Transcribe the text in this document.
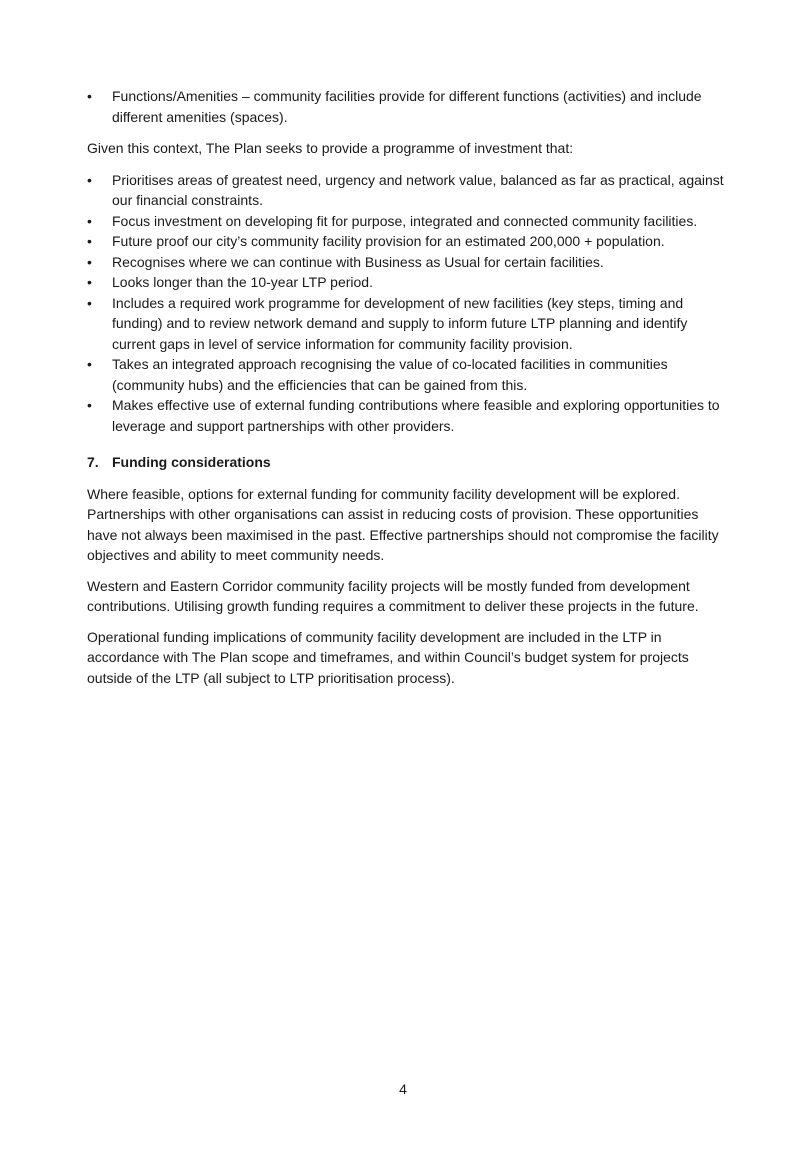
•	Functions/Amenities – community facilities provide for different functions (activities) and include different amenities (spaces).

Given this context, The Plan seeks to provide a programme of investment that:

•	Prioritises areas of greatest need, urgency and network value, balanced as far as practical, against our financial constraints.
•	Focus investment on developing fit for purpose, integrated and connected community facilities.
•	Future proof our city’s community facility provision for an estimated 200,000 + population.
•	Recognises where we can continue with Business as Usual for certain facilities.
•	Looks longer than the 10-year LTP period.
•	Includes a required work programme for development of new facilities (key steps, timing and funding) and to review network demand and supply to inform future LTP planning and identify current gaps in level of service information for community facility provision.
•	Takes an integrated approach recognising the value of co-located facilities in communities (community hubs) and the efficiencies that can be gained from this.
•	Makes effective use of external funding contributions where feasible and exploring opportunities to leverage and support partnerships with other providers.
7. Funding considerations

Where feasible, options for external funding for community facility development will be explored. Partnerships with other organisations can assist in reducing costs of provision. These opportunities have not always been maximised in the past. Effective partnerships should not compromise the facility objectives and ability to meet community needs.

Western and Eastern Corridor community facility projects will be mostly funded from development contributions. Utilising growth funding requires a commitment to deliver these projects in the future.

Operational funding implications of community facility development are included in the LTP in accordance with The Plan scope and timeframes, and within Council’s budget system for projects outside of the LTP (all subject to LTP prioritisation process).

4
